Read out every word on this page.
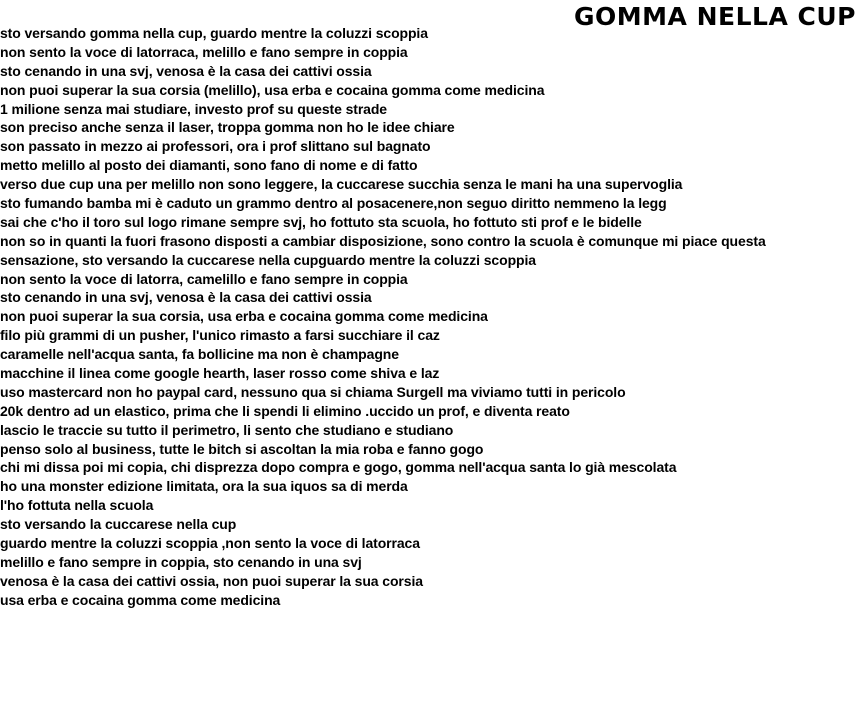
GOMMA NELLA CUP
sto versando gomma nella cup, guardo mentre la coluzzi scoppia
non sento la voce di latorraca, melillo e fano sempre in coppia
sto cenando in una svj, venosa è la casa dei cattivi ossia
non puoi superar la sua corsia (melillo), usa erba e cocaina gomma come medicina
1 milione senza mai studiare, investo prof su queste strade
son preciso anche senza il laser, troppa gomma non ho le idee chiare
son passato in mezzo ai professori, ora i prof slittano sul bagnato
metto melillo al posto dei diamanti, sono fano di nome e di fatto
verso due cup una per melillo non sono leggere, la cuccarese succhia senza le mani ha una supervoglia
sto fumando bamba mi è caduto un grammo dentro al posacenere,non seguo diritto nemmeno la legg
sai che c'ho il toro sul logo rimane sempre svj, ho fottuto sta scuola, ho fottuto sti prof e le bidelle
non so in quanti la fuori frasono disposti a cambiar disposizione, sono contro la scuola è comunque mi piace questa
sensazione, sto versando la cuccarese nella cupguardo mentre la coluzzi scoppia
non sento la voce di latorra, camelillo e fano sempre in coppia
sto cenando in una svj, venosa è la casa dei cattivi ossia
non puoi superar la sua corsia, usa erba e cocaina gomma come medicina
filo più grammi di un pusher, l'unico rimasto a farsi succhiare il caz
caramelle nell'acqua santa, fa bollicine ma non è champagne
macchine il linea come google hearth, laser rosso come shiva e laz
uso mastercard non ho paypal card, nessuno qua si chiama Surgell ma viviamo tutti in pericolo
20k dentro ad un elastico, prima che li spendi li elimino .uccido un prof, e diventa reato
lascio le traccie su tutto il perimetro, li sento che studiano e studiano
penso solo al business, tutte le bitch si ascoltan la mia roba e fanno gogo
chi mi dissa poi mi copia, chi disprezza dopo compra e gogo, gomma nell'acqua santa lo già mescolata
ho una monster edizione limitata, ora la sua iquos sa di merda
l'ho fottuta nella scuola
sto versando la cuccarese nella cup
guardo mentre la coluzzi scoppia ,non sento la voce di latorraca
melillo e fano sempre in coppia, sto cenando in una svj
venosa è la casa dei cattivi ossia, non puoi superar la sua corsia
usa erba e cocaina gomma come medicina
